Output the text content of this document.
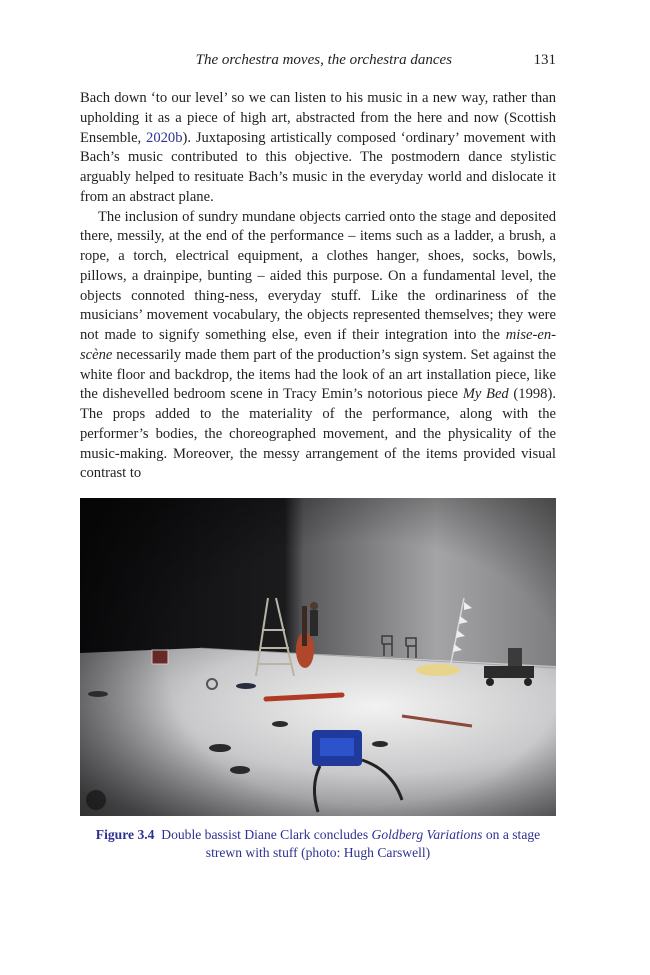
The orchestra moves, the orchestra dances	131

Bach down ‘to our level’ so we can listen to his music in a new way, rather than upholding it as a piece of high art, abstracted from the here and now (Scottish Ensemble, 2020b). Juxtaposing artistically composed ‘ordinary’ movement with Bach’s music contributed to this objective. The postmodern dance stylistic arguably helped to resituate Bach’s music in the everyday world and dislocate it from an abstract plane.

The inclusion of sundry mundane objects carried onto the stage and deposited there, messily, at the end of the performance – items such as a ladder, a brush, a rope, a torch, electrical equipment, a clothes hanger, shoes, socks, bowls, pillows, a drainpipe, bunting – aided this purpose. On a fundamental level, the objects connoted thing-ness, everyday stuff. Like the ordinariness of the musicians’ movement vocabulary, the objects represented themselves; they were not made to signify something else, even if their integration into the mise-en-scène necessarily made them part of the production’s sign system. Set against the white floor and backdrop, the items had the look of an art installation piece, like the dishevelled bedroom scene in Tracy Emin’s notorious piece My Bed (1998). The props added to the materiality of the performance, along with the performer’s bodies, the choreographed movement, and the physicality of the music-making. Moreover, the messy arrangement of the items provided visual contrast to

Figure 3.4 Double bassist Diane Clark concludes Goldberg Variations on a stage strewn with stuff (photo: Hugh Carswell)
